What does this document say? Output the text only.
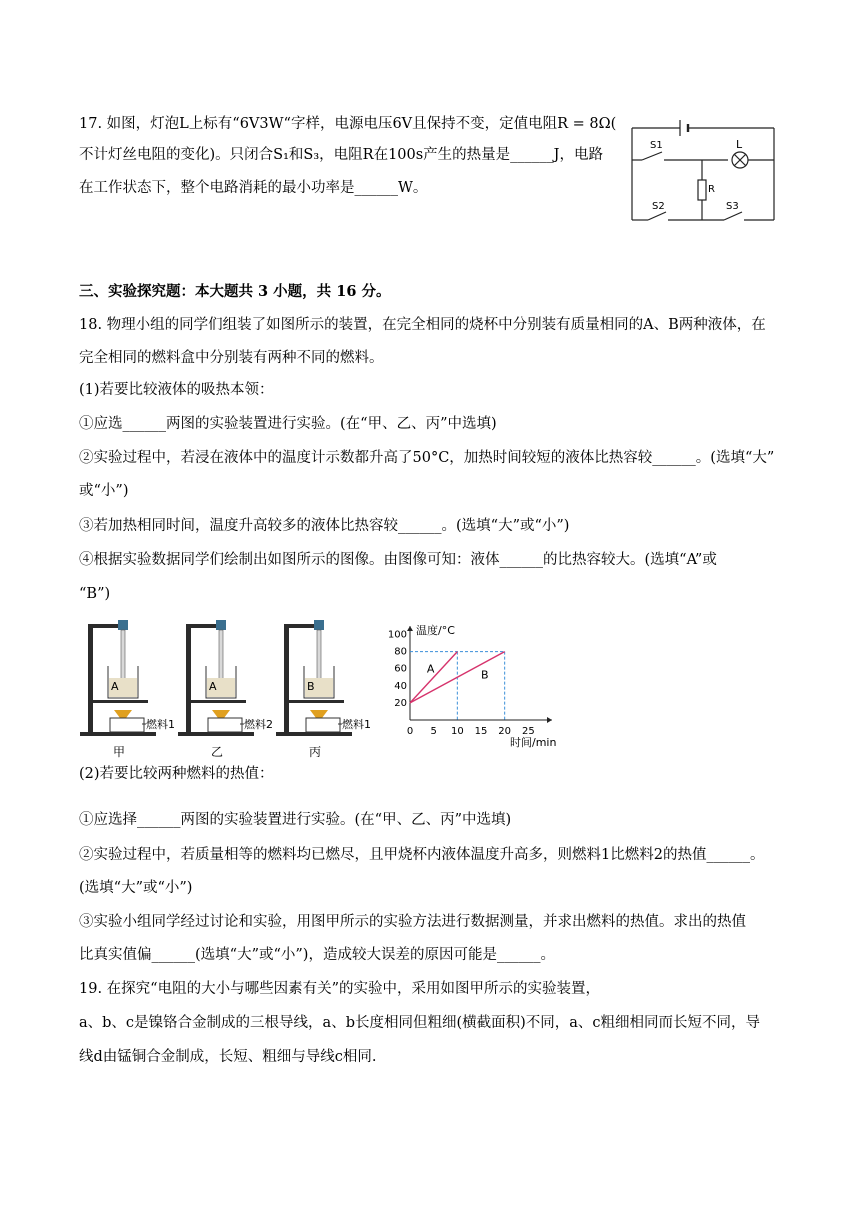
17. 如图，灯泡L上标有“6V3W“字样，电源电压6V且保持不变，定值电阻R = 8Ω(
不计灯丝电阻的变化)。只闭合S₁和S₃，电阻R在100s产生的热量是______J，电路
在工作状态下，整个电路消耗的最小功率是______W。
S1	L
R
S2	S3
三、实验探究题：本大题共 3 小题，共 16 分。
18. 物理小组的同学们组装了如图所示的装置，在完全相同的烧杯中分别装有质量相同的A、B两种液体，在
完全相同的燃料盒中分别装有两种不同的燃料。
(1)若要比较液体的吸热本领：
①应选______两图的实验装置进行实验。(在“甲、乙、丙”中选填)
②实验过程中，若浸在液体中的温度计示数都升高了50°C，加热时间较短的液体比热容较______。(选填“大”
或“小”)
③若加热相同时间，温度升高较多的液体比热容较______。(选填“大”或“小”)
④根据实验数据同学们绘制出如图所示的图像。由图像可知：液体______的比热容较大。(选填“A”或
“B”)
A
燃料1
甲
A
燃料2
乙
B
燃料1
丙
20
40
60
80
100
0 5 10 15 20 25
A	B
温度/°C
时间/min
(2)若要比较两种燃料的热值：
①应选择______两图的实验装置进行实验。(在“甲、乙、丙”中选填)
②实验过程中，若质量相等的燃料均已燃尽，且甲烧杯内液体温度升高多，则燃料1比燃料2的热值______。
(选填“大”或“小”)
③实验小组同学经过讨论和实验，用图甲所示的实验方法进行数据测量，并求出燃料的热值。求出的热值
比真实值偏______(选填“大”或“小”)，造成较大误差的原因可能是______。
19. 在探究“电阻的大小与哪些因素有关”的实验中，采用如图甲所示的实验装置，
a、b、c是镍铬合金制成的三根导线，a、b长度相同但粗细(横截面积)不同，a、c粗细相同而长短不同，导
线d由锰铜合金制成，长短、粗细与导线c相同.
